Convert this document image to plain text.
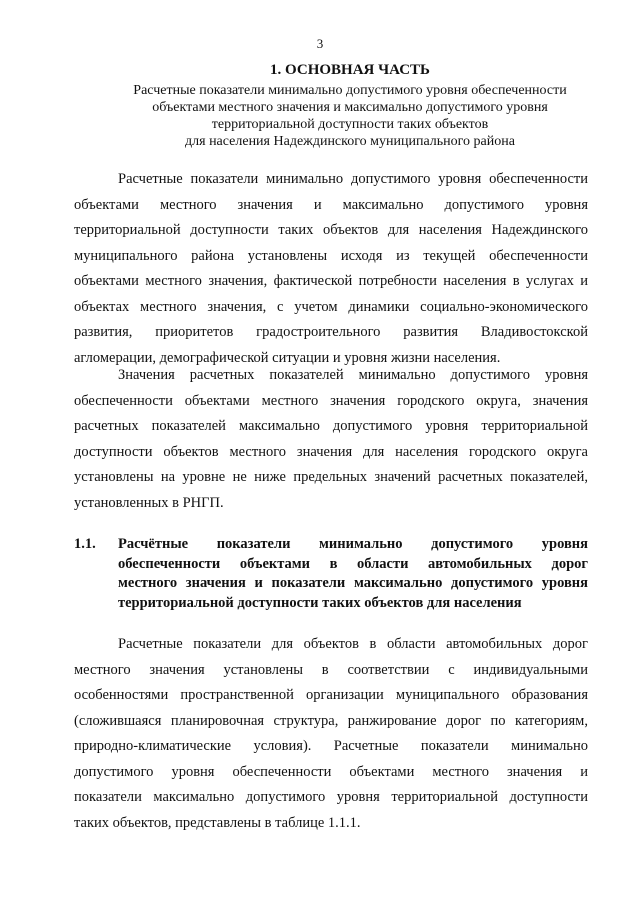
3
1. ОСНОВНАЯ ЧАСТЬ
Расчетные показатели минимально допустимого уровня обеспеченности
объектами местного значения и максимально допустимого уровня
территориальной доступности таких объектов
для населения Надеждинского муниципального района
Расчетные показатели минимально допустимого уровня обеспеченности
объектами местного значения и максимально допустимого уровня
территориальной доступности таких объектов для населения Надеждинского
муниципального района установлены исходя из текущей обеспеченности
объектами местного значения, фактической потребности населения в услугах и
объектах местного значения, с учетом динамики социально-экономического
развития, приоритетов градостроительного развития Владивостокской
агломерации, демографической ситуации и уровня жизни населения.
Значения расчетных показателей минимально допустимого уровня
обеспеченности объектами местного значения городского округа, значения
расчетных показателей максимально допустимого уровня территориальной
доступности объектов местного значения для населения городского округа
установлены на уровне не ниже предельных значений расчетных показателей,
установленных в РНГП.
1.1. Расчётные показатели минимально допустимого уровня
обеспеченности объектами в области автомобильных дорог
местного значения и показатели максимально допустимого уровня
территориальной доступности таких объектов для населения
Расчетные показатели для объектов в области автомобильных дорог
местного значения установлены в соответствии с индивидуальными
особенностями пространственной организации муниципального образования
(сложившаяся планировочная структура, ранжирование дорог по категориям,
природно-климатические условия). Расчетные показатели минимально
допустимого уровня обеспеченности объектами местного значения и
показатели максимально допустимого уровня территориальной доступности
таких объектов, представлены в таблице 1.1.1.
